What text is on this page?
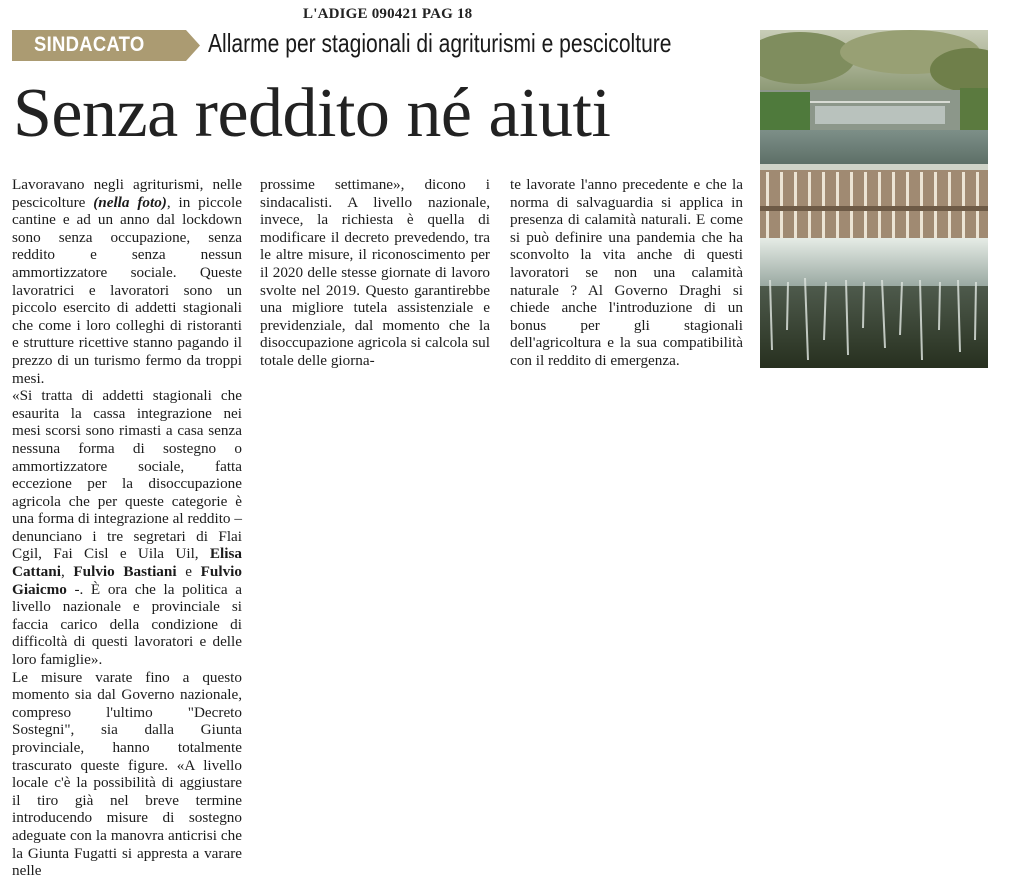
L'ADIGE 090421 PAG 18
SINDACATO Allarme per stagionali di agriturismi e pescicolture
Senza reddito né aiuti

Lavoravano negli agriturismi, nelle pescicolture (nella foto), in piccole cantine e ad un anno dal lockdown sono senza occupazione, senza reddito e senza nessun ammortizzatore sociale. Queste lavoratrici e lavoratori sono un piccolo esercito di addetti stagionali che come i loro colleghi di ristoranti e strutture ricettive stanno pagando il prezzo di un turismo fermo da troppi mesi.

«Si tratta di addetti stagionali che esaurita la cassa integrazione nei mesi scorsi sono rimasti a casa senza nessuna forma di sostegno o ammortizzatore sociale, fatta eccezione per la disoccupazione agricola che per queste categorie è una forma di integrazione al reddito – denunciano i tre segretari di Flai Cgil, Fai Cisl e Uila Uil, Elisa Cattani, Fulvio Bastiani e Fulvio Giaicmo -. È ora che la politica a livello nazionale e provinciale si faccia carico della condizione di difficoltà di questi lavoratori e delle loro famiglie».

Le misure varate fino a questo momento sia dal Governo nazionale, compreso l'ultimo "Decreto Sostegni", sia dalla Giunta provinciale, hanno totalmente trascurato queste figure. «A livello locale c'è la possibilità di aggiustare il tiro già nel breve termine introducendo misure di sostegno adeguate con la manovra anticrisi che la Giunta Fugatti si appresta a varare nelle

prossime settimane», dicono i sindacalisti. A livello nazionale, invece, la richiesta è quella di modificare il decreto prevedendo, tra le altre misure, il riconoscimento per il 2020 delle stesse giornate di lavoro svolte nel 2019. Questo garantirebbe una migliore tutela assistenziale e previdenziale, dal momento che la disoccupazione agricola si calcola sul totale delle giorna-

te lavorate l'anno precedente e che la norma di salvaguardia si applica in presenza di calamità naturali. E come si può definire una pandemia che ha sconvolto la vita anche di questi lavoratori se non una calamità naturale ? Al Governo Draghi si chiede anche l'introduzione di un bonus per gli stagionali dell'agricoltura e la sua compatibilità con il reddito di emergenza.
